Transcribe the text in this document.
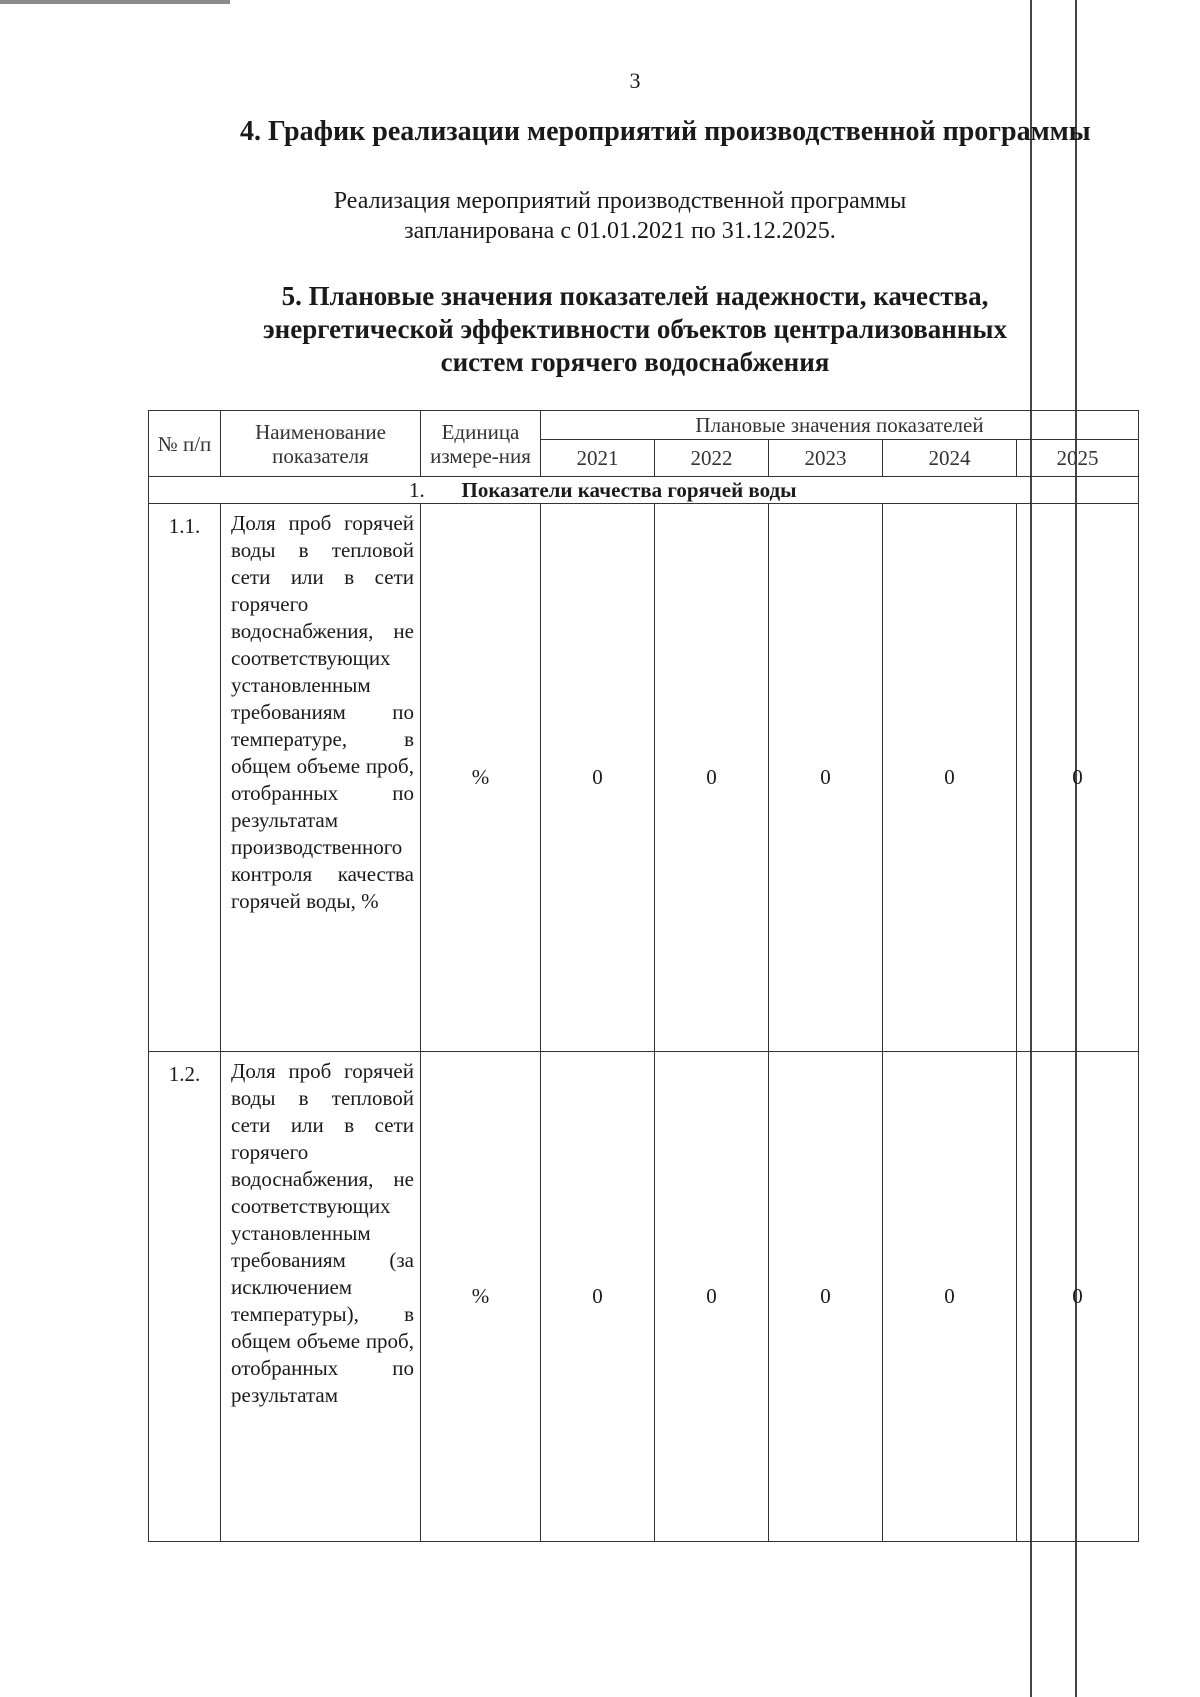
3
4. График реализации мероприятий производственной программы
Реализация мероприятий производственной программы
запланирована с 01.01.2021 по 31.12.2025.
5. Плановые значения показателей надежности, качества,
энергетической эффективности объектов централизованных
систем горячего водоснабжения
№ п/п	Наименование показателя	Единица измере-ния	Плановые значения показателей				
			2021	2022	2023	2024	2025
1. Показатели качества горячей воды							
1.1.	Доля проб горячей воды в тепловой сети или в сети горячего водоснабжения, не соответствующих установленным требованиям по температуре, в общем объеме проб, отобранных по результатам производственного контроля качества горячей воды, %	%	0	0	0	0	0
1.2.	Доля проб горячей воды в тепловой сети или в сети горячего водоснабжения, не соответствующих установленным требованиям (за исключением температуры), в общем объеме проб, отобранных по результатам	%	0	0	0	0	0
